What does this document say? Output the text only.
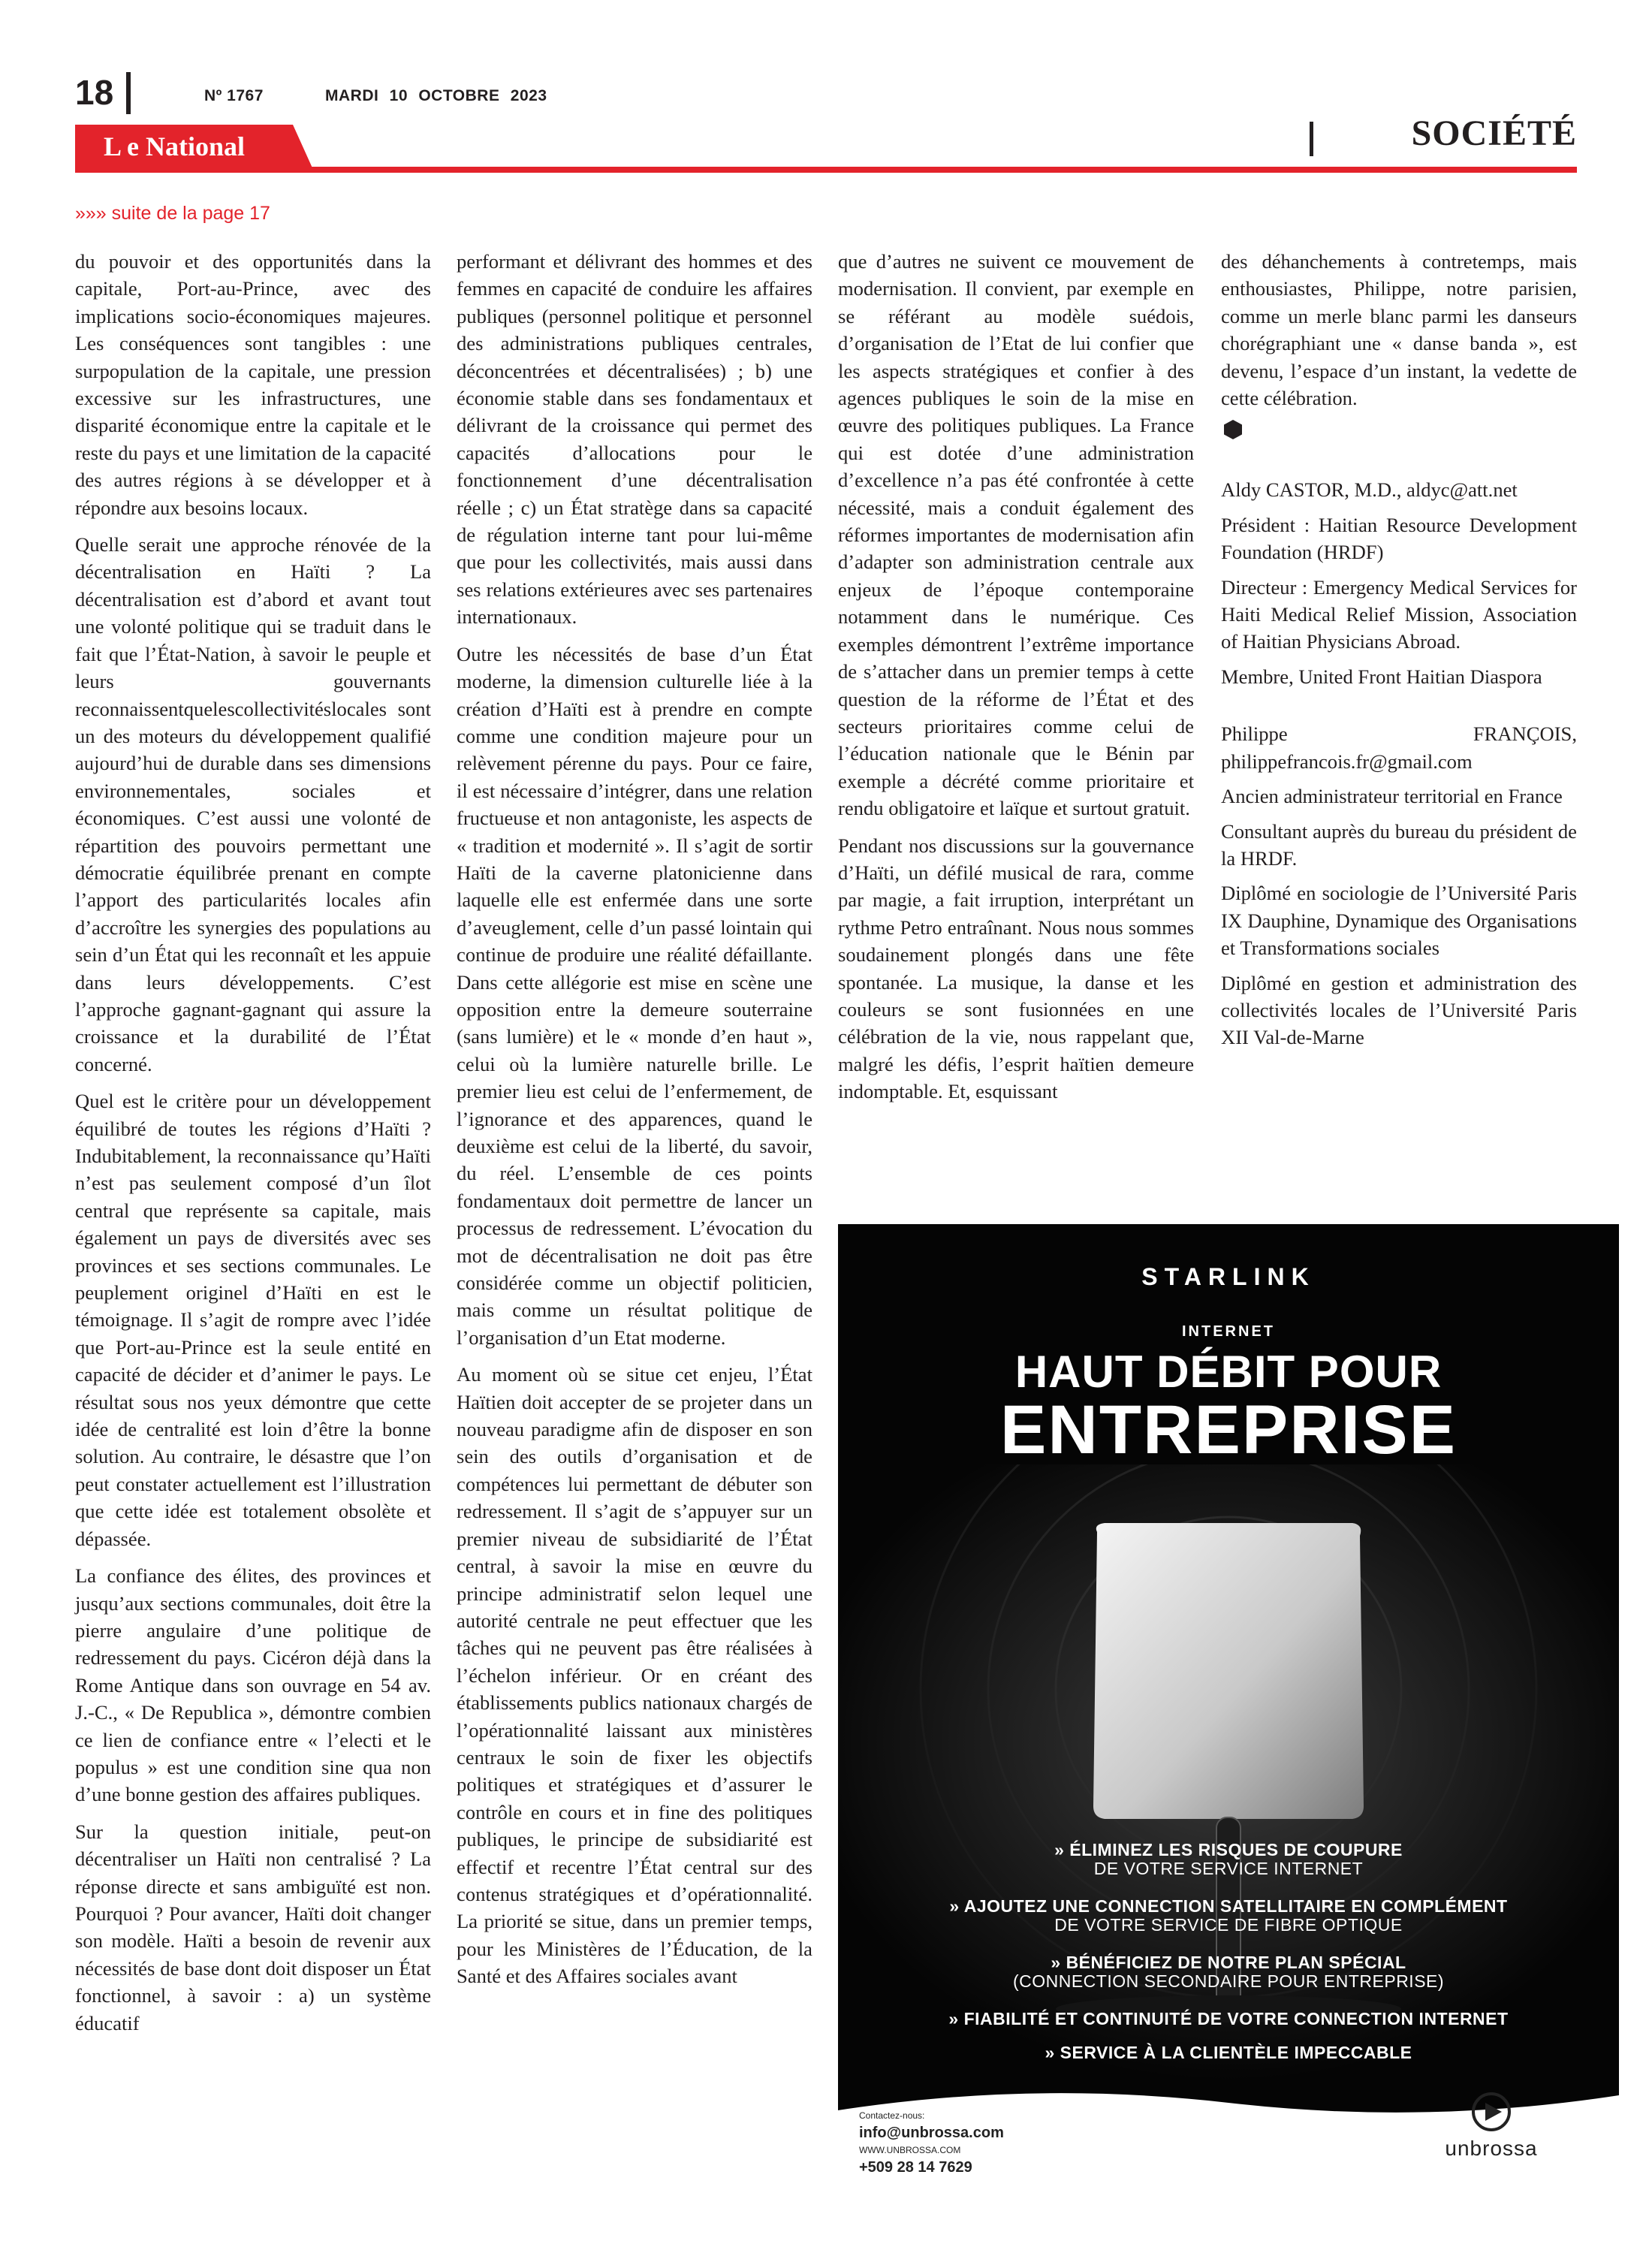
18	Nº 1767	MARDI 10 OCTOBRE 2023
L e National	SOCIÉTÉ
»»» suite de la page 17

du pouvoir et des opportunités dans la capitale, Port-au-Prince, avec des implications socio-économiques majeures. Les conséquences sont tangibles : une surpopulation de la capitale, une pression excessive sur les infrastructures, une disparité économique entre la capitale et le reste du pays et une limitation de la capacité des autres régions à se développer et à répondre aux besoins locaux.

Quelle serait une approche rénovée de la décentralisation en Haïti ? La décentralisation est d’abord et avant tout une volonté politique qui se traduit dans le fait que l’État-Nation, à savoir le peuple et leurs gouvernants reconnaissentquelescollectivitéslocales sont un des moteurs du développement qualifié aujourd’hui de durable dans ses dimensions environnementales, sociales et économiques. C’est aussi une volonté de répartition des pouvoirs permettant une démocratie équilibrée prenant en compte l’apport des particularités locales afin d’accroître les synergies des populations au sein d’un État qui les reconnaît et les appuie dans leurs développements. C’est l’approche gagnant-gagnant qui assure la croissance et la durabilité de l’État concerné.

Quel est le critère pour un développement équilibré de toutes les régions d’Haïti ? Indubitablement, la reconnaissance qu’Haïti n’est pas seulement composé d’un îlot central que représente sa capitale, mais également un pays de diversités avec ses provinces et ses sections communales. Le peuplement originel d’Haïti en est le témoignage. Il s’agit de rompre avec l’idée que Port-au-Prince est la seule entité en capacité de décider et d’animer le pays. Le résultat sous nos yeux démontre que cette idée de centralité est loin d’être la bonne solution. Au contraire, le désastre que l’on peut constater actuellement est l’illustration que cette idée est totalement obsolète et dépassée.

La confiance des élites, des provinces et jusqu’aux sections communales, doit être la pierre angulaire d’une politique de redressement du pays. Cicéron déjà dans la Rome Antique dans son ouvrage en 54 av. J.-C., « De Republica », démontre combien ce lien de confiance entre « l’electi et le populus » est une condition sine qua non d’une bonne gestion des affaires publiques.

Sur la question initiale, peut-on décentraliser un Haïti non centralisé ? La réponse directe et sans ambiguïté est non. Pourquoi ? Pour avancer, Haïti doit changer son modèle. Haïti a besoin de revenir aux nécessités de base dont doit disposer un État fonctionnel, à savoir : a) un système éducatif

performant et délivrant des hommes et des femmes en capacité de conduire les affaires publiques (personnel politique et personnel des administrations publiques centrales, déconcentrées et décentralisées) ; b) une économie stable dans ses fondamentaux et délivrant de la croissance qui permet des capacités d’allocations pour le fonctionnement d’une décentralisation réelle ; c) un État stratège dans sa capacité de régulation interne tant pour lui-même que pour les collectivités, mais aussi dans ses relations extérieures avec ses partenaires internationaux.

Outre les nécessités de base d’un État moderne, la dimension culturelle liée à la création d’Haïti est à prendre en compte comme une condition majeure pour un relèvement pérenne du pays. Pour ce faire, il est nécessaire d’intégrer, dans une relation fructueuse et non antagoniste, les aspects de « tradition et modernité ». Il s’agit de sortir Haïti de la caverne platonicienne dans laquelle elle est enfermée dans une sorte d’aveuglement, celle d’un passé lointain qui continue de produire une réalité défaillante. Dans cette allégorie est mise en scène une opposition entre la demeure souterraine (sans lumière) et le « monde d’en haut », celui où la lumière naturelle brille. Le premier lieu est celui de l’enfermement, de l’ignorance et des apparences, quand le deuxième est celui de la liberté, du savoir, du réel. L’ensemble de ces points fondamentaux doit permettre de lancer un processus de redressement. L’évocation du mot de décentralisation ne doit pas être considérée comme un objectif politicien, mais comme un résultat politique de l’organisation d’un Etat moderne.

Au moment où se situe cet enjeu, l’État Haïtien doit accepter de se projeter dans un nouveau paradigme afin de disposer en son sein des outils d’organisation et de compétences lui permettant de débuter son redressement. Il s’agit de s’appuyer sur un premier niveau de subsidiarité de l’État central, à savoir la mise en œuvre du principe administratif selon lequel une autorité centrale ne peut effectuer que les tâches qui ne peuvent pas être réalisées à l’échelon inférieur. Or en créant des établissements publics nationaux chargés de l’opérationnalité laissant aux ministères centraux le soin de fixer les objectifs politiques et stratégiques et d’assurer le contrôle en cours et in fine des politiques publiques, le principe de subsidiarité est effectif et recentre l’État central sur des contenus stratégiques et d’opérationnalité. La priorité se situe, dans un premier temps, pour les Ministères de l’Éducation, de la Santé et des Affaires sociales avant

que d’autres ne suivent ce mouvement de modernisation. Il convient, par exemple en se référant au modèle suédois, d’organisation de l’Etat de lui confier que les aspects stratégiques et confier à des agences publiques le soin de la mise en œuvre des politiques publiques. La France qui est dotée d’une administration d’excellence n’a pas été confrontée à cette nécessité, mais a conduit également des réformes importantes de modernisation afin d’adapter son administration centrale aux enjeux de l’époque contemporaine notamment dans le numérique. Ces exemples démontrent l’extrême importance de s’attacher dans un premier temps à cette question de la réforme de l’État et des secteurs prioritaires comme celui de l’éducation nationale que le Bénin par exemple a décrété comme prioritaire et rendu obligatoire et laïque et surtout gratuit.

Pendant nos discussions sur la gouvernance d’Haïti, un défilé musical de rara, comme par magie, a fait irruption, interprétant un rythme Petro entraînant. Nous nous sommes soudainement plongés dans une fête spontanée. La musique, la danse et les couleurs se sont fusionnées en une célébration de la vie, nous rappelant que, malgré les défis, l’esprit haïtien demeure indomptable. Et, esquissant

des déhanchements à contretemps, mais enthousiastes, Philippe, notre parisien, comme un merle blanc parmi les danseurs chorégraphiant une « danse banda », est devenu, l’espace d’un instant, la vedette de cette célébration.

Aldy CASTOR, M.D., aldyc@att.net

Président : Haitian Resource Development Foundation (HRDF)

Directeur : Emergency Medical Services for Haiti Medical Relief Mission, Association of Haitian Physicians Abroad.

Membre, United Front Haitian Diaspora

Philippe FRANÇOIS, philippefrancois.fr@gmail.com

Ancien administrateur territorial en France

Consultant auprès du bureau du président de la HRDF.

Diplômé en sociologie de l’Université Paris IX Dauphine, Dynamique des Organisations et Transformations sociales

Diplômé en gestion et administration des collectivités locales de l’Université Paris XII Val-de-Marne

STARLINK
INTERNET
HAUT DÉBIT POUR
ENTREPRISE
» ÉLIMINEZ LES RISQUES DE COUPURE
DE VOTRE SERVICE INTERNET
» AJOUTEZ UNE CONNECTION SATELLITAIRE EN COMPLÉMENT
DE VOTRE SERVICE DE FIBRE OPTIQUE
» BÉNÉFICIEZ DE NOTRE PLAN SPÉCIAL
(CONNECTION SECONDAIRE POUR ENTREPRISE)
» FIABILITÉ ET CONTINUITÉ DE VOTRE CONNECTION INTERNET
» SERVICE À LA CLIENTÈLE IMPECCABLE
Contactez-nous:
info@unbrossa.com
WWW.UNBROSSA.COM
+509 28 14 7629
unbrossa
